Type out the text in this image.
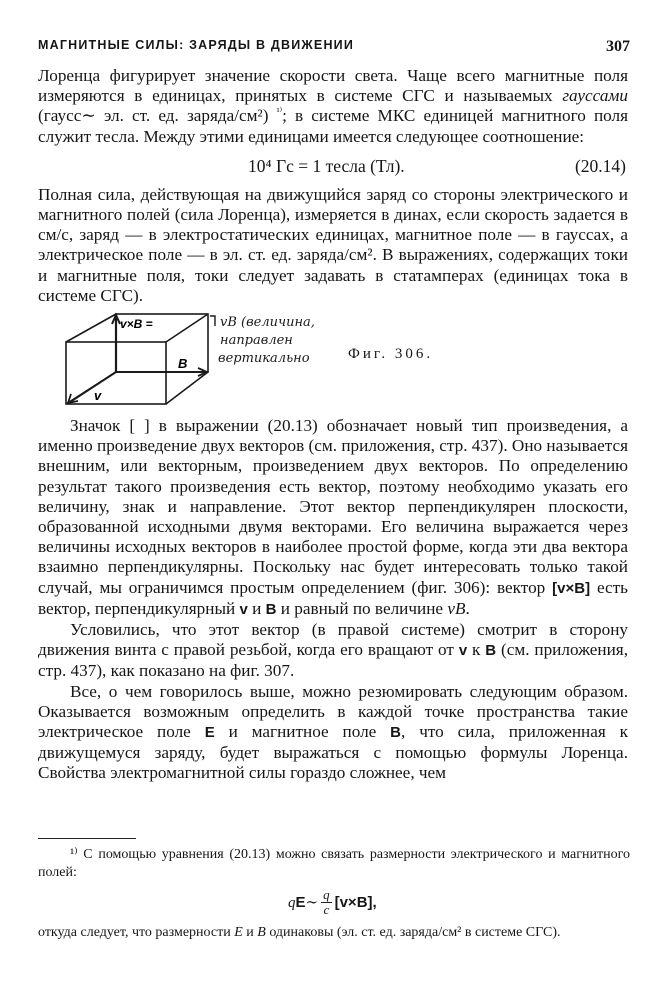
МАГНИТНЫЕ СИЛЫ: ЗАРЯДЫ В ДВИЖЕНИИ	307

Лоренца фигурирует значение скорости света. Чаще всего магнитные поля измеряются в единицах, принятых в системе СГС и называемых гауссами (гаусс∼ эл. ст. ед. заряда/см²) $^{^{1)}}$; в системе МКС единицей магнитного поля служит тесла. Между этими единицами имеется следующее соотношение:

10⁴ Гс = 1 тесла (Тл).	(20.14)

Полная сила, действующая на движущийся заряд со стороны электрического и магнитного полей (сила Лоренца), измеряется в динах, если скорость задается в см/с, заряд — в электростатических единицах, магнитное поле — в гауссах, а электрическое поле — в эл. ст. ед. заряда/см². В выражениях, содержащих токи и магнитные поля, токи следует задавать в статамперах (единицах тока в системе СГС).

v×B =
B
v
vB (величина,
направлен
вертикально	Фиг. 306.

Значок [ ] в выражении (20.13) обозначает новый тип произведения, а именно произведение двух векторов (см. приложения, стр. 437). Оно называется внешним, или векторным, произведением двух векторов. По определению результат такого произведения есть вектор, поэтому необходимо указать его величину, знак и направление. Этот вектор перпендикулярен плоскости, образованной исходными двумя векторами. Его величина выражается через величины исходных векторов в наиболее простой форме, когда эти два вектора взаимно перпендикулярны. Поскольку нас будет интересовать только такой случай, мы ограничимся простым определением (фиг. 306): вектор [v×B] есть вектор, перпендикулярный v и B и равный по величине vB.

Условились, что этот вектор (в правой системе) смотрит в сторону движения винта с правой резьбой, когда его вращают от v к B (см. приложения, стр. 437), как показано на фиг. 307.

Все, о чем говорилось выше, можно резюмировать следующим образом. Оказывается возможным определить в каждой точке пространства такие электрическое поле E и магнитное поле B, что сила, приложенная к движущемуся заряду, будет выражаться с помощью формулы Лоренца. Свойства электромагнитной силы гораздо сложнее, чем

¹⁾ С помощью уравнения (20.13) можно связать размерности электрического и магнитного полей:

q E ∼ $\frac{q}{c} [v\times B]$,

откуда следует, что размерности E и B одинаковы (эл. ст. ед. заряда/см² в системе СГС).
